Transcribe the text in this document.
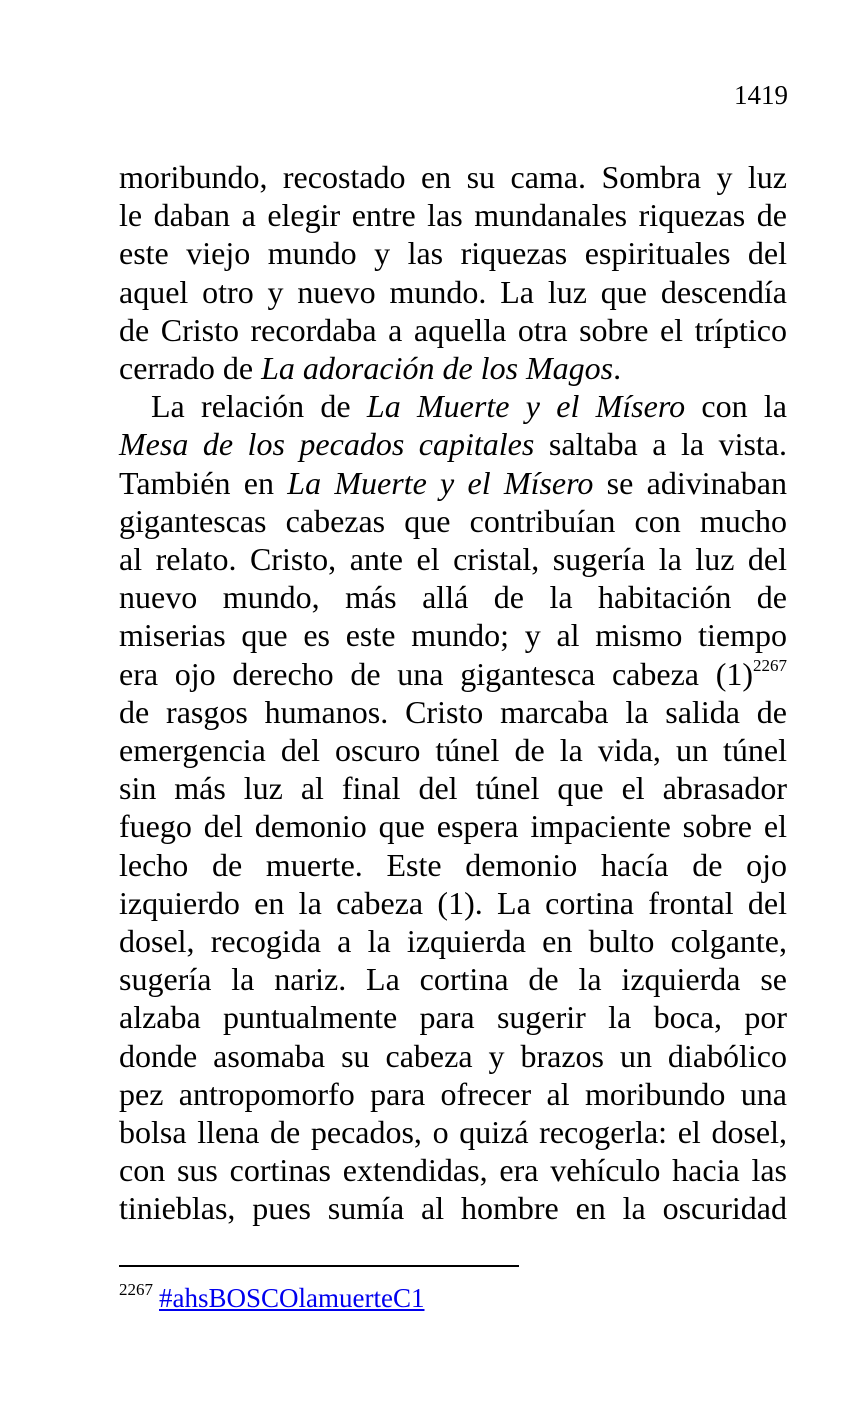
1419
moribundo, recostado en su cama. Sombra y luz
le daban a elegir entre las mundanales riquezas de
este viejo mundo y las riquezas espirituales del
aquel otro y nuevo mundo. La luz que descendía
de Cristo recordaba a aquella otra sobre el tríptico
cerrado de La adoración de los Magos.
La relación de La Muerte y el Mísero con la
Mesa de los pecados capitales saltaba a la vista.
También en La Muerte y el Mísero se adivinaban
gigantescas cabezas que contribuían con mucho
al relato. Cristo, ante el cristal, sugería la luz del
nuevo mundo, más allá de la habitación de
miserias que es este mundo; y al mismo tiempo
era ojo derecho de una gigantesca cabeza (1)$^{2267}$
de rasgos humanos. Cristo marcaba la salida de
emergencia del oscuro túnel de la vida, un túnel
sin más luz al final del túnel que el abrasador
fuego del demonio que espera impaciente sobre el
lecho de muerte. Este demonio hacía de ojo
izquierdo en la cabeza (1). La cortina frontal del
dosel, recogida a la izquierda en bulto colgante,
sugería la nariz. La cortina de la izquierda se
alzaba puntualmente para sugerir la boca, por
donde asomaba su cabeza y brazos un diabólico
pez antropomorfo para ofrecer al moribundo una
bolsa llena de pecados, o quizá recogerla: el dosel,
con sus cortinas extendidas, era vehículo hacia las
tinieblas, pues sumía al hombre en la oscuridad
$^{2267}$ #ahsBOSCOlamuerteC1
